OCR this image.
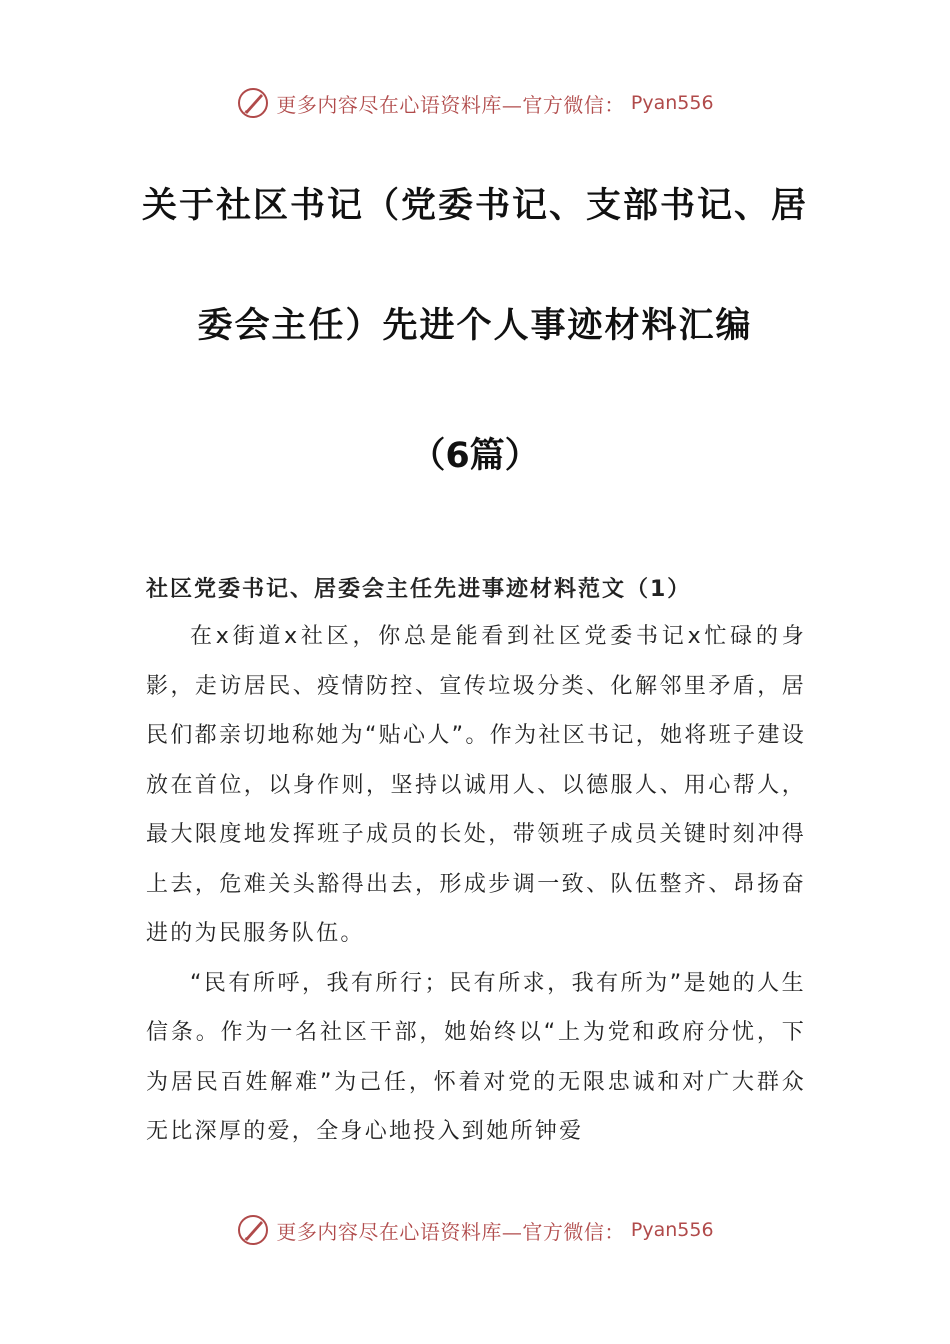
更多内容尽在心语资料库—官方微信： Pyan556
关于社区书记（党委书记、支部书记、居
委会主任）先进个人事迹材料汇编
（6篇）
社区党委书记、居委会主任先进事迹材料范文（1）

在x街道x社区，你总是能看到社区党委书记x忙碌的身影，走访居民、疫情防控、宣传垃圾分类、化解邻里矛盾，居民们都亲切地称她为“贴心人”。作为社区书记，她将班子建设放在首位，以身作则，坚持以诚用人、以德服人、用心帮人，最大限度地发挥班子成员的长处，带领班子成员关键时刻冲得上去，危难关头豁得出去，形成步调一致、队伍整齐、昂扬奋进的为民服务队伍。

“民有所呼，我有所行；民有所求，我有所为”是她的人生信条。作为一名社区干部，她始终以“上为党和政府分忧，下为居民百姓解难”为己任，怀着对党的无限忠诚和对广大群众无比深厚的爱，全身心地投入到她所钟爱

更多内容尽在心语资料库—官方微信： Pyan556
